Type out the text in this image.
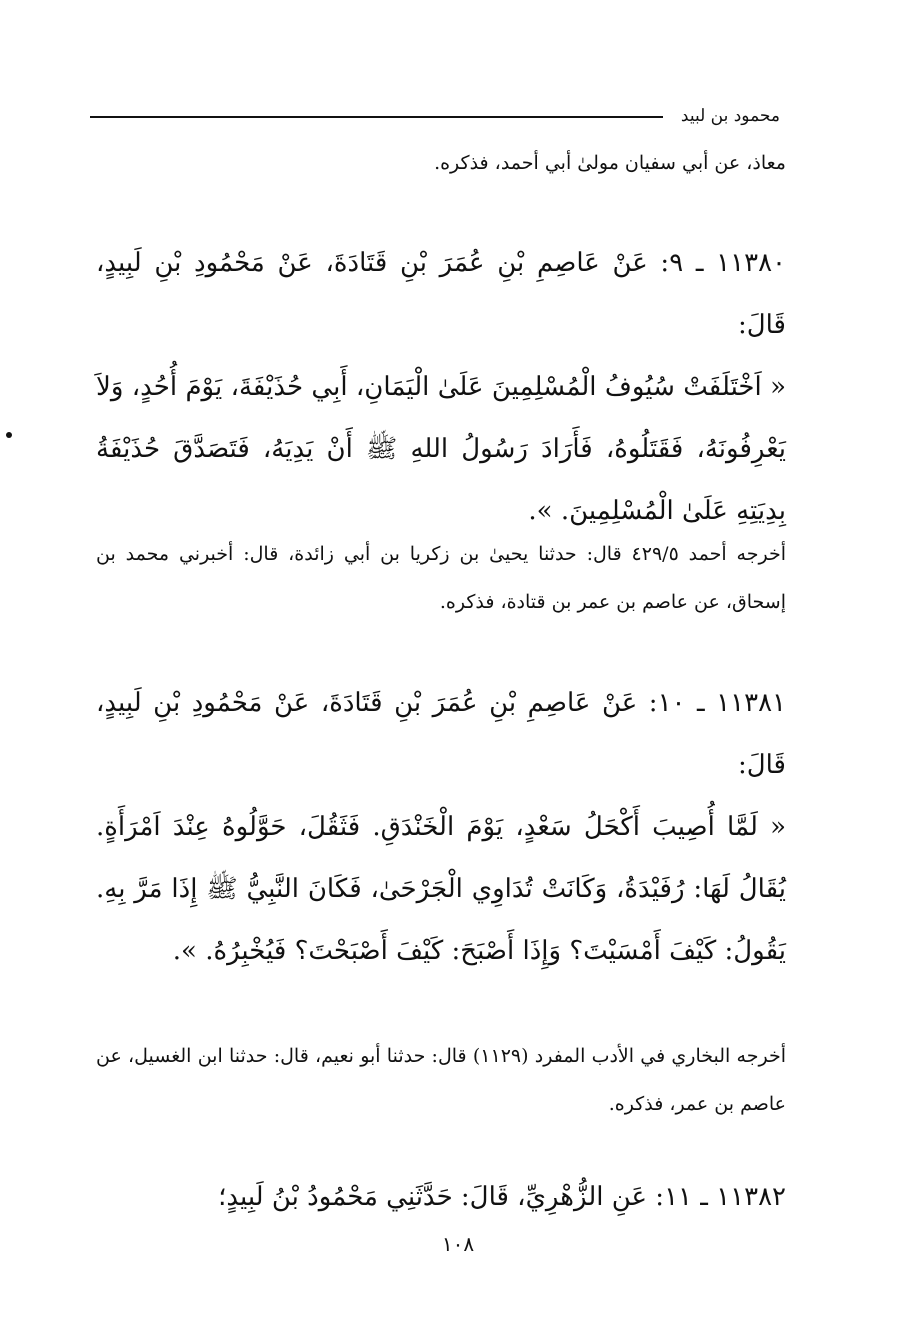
محمود بن لبيد

معاذ، عن أبي سفيان مولىٰ أبي أحمد، فذكره.

١١٣٨٠ ـ ٩: عَنْ عَاصِمِ بْنِ عُمَرَ بْنِ قَتَادَةَ، عَنْ مَحْمُودِ بْنِ لَبِيدٍ، قَالَ:

« اَخْتَلَفَتْ سُيُوفُ الْمُسْلِمِينَ عَلَىٰ الْيَمَانِ، أَبِي حُذَيْفَةَ، يَوْمَ أُحُدٍ، وَلاَ يَعْرِفُونَهُ، فَقَتَلُوهُ، فَأَرَادَ رَسُولُ اللهِ ﷺ أَنْ يَدِيَهُ، فَتَصَدَّقَ حُذَيْفَةُ بِدِيَتِهِ عَلَىٰ الْمُسْلِمِينَ. ».

أخرجه أحمد ٤٢٩/٥ قال: حدثنا يحيىٰ بن زكريا بن أبي زائدة، قال: أخبرني محمد بن إسحاق، عن عاصم بن عمر بن قتادة، فذكره.

١١٣٨١ ـ ١٠: عَنْ عَاصِمِ بْنِ عُمَرَ بْنِ قَتَادَةَ، عَنْ مَحْمُودِ بْنِ لَبِيدٍ، قَالَ:

« لَمَّا أُصِيبَ أَكْحَلُ سَعْدٍ، يَوْمَ الْخَنْدَقِ. فَثَقُلَ، حَوَّلُوهُ عِنْدَ اَمْرَأَةٍ. يُقَالُ لَهَا: رُفَيْدَةُ، وَكَانَتْ تُدَاوِي الْجَرْحَىٰ، فَكَانَ النَّبِيُّ ﷺ إِذَا مَرَّ بِهِ. يَقُولُ: كَيْفَ أَمْسَيْتَ؟ وَإِذَا أَصْبَحَ: كَيْفَ أَصْبَحْتَ؟ فَيُخْبِرُهُ. ».

أخرجه البخاري في الأدب المفرد (١١٢٩) قال: حدثنا أبو نعيم، قال: حدثنا ابن الغسيل، عن عاصم بن عمر، فذكره.

١١٣٨٢ ـ ١١: عَنِ الزُّهْرِيِّ، قَالَ: حَدَّثَنِي مَحْمُودُ بْنُ لَبِيدٍ؛

١٠٨
